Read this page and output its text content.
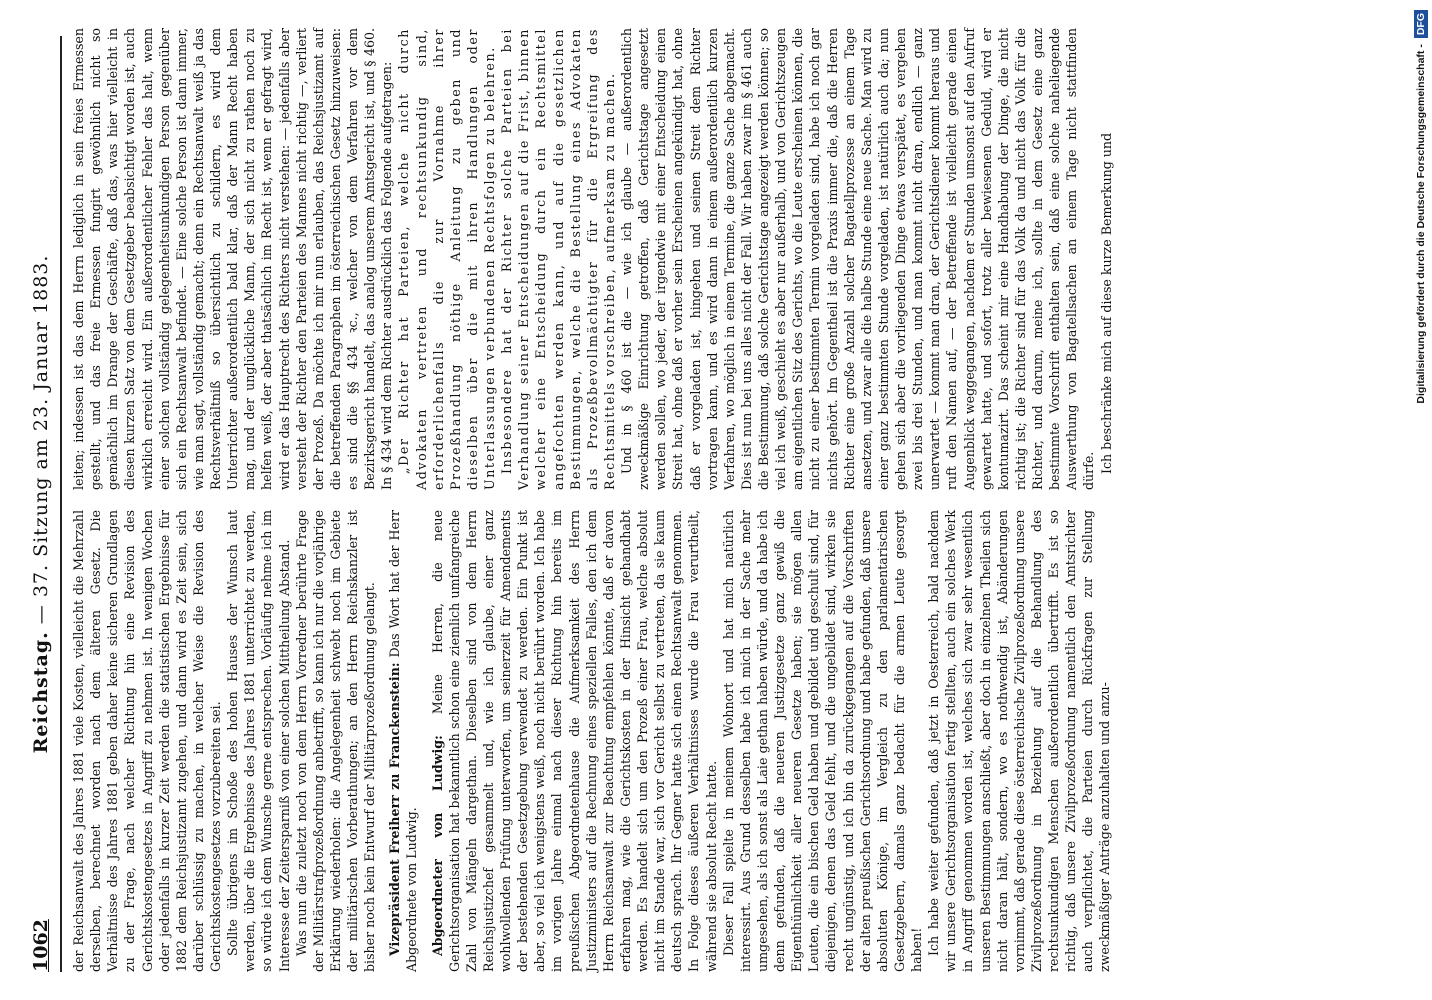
1062
Reichstag. — 37. Sitzung am 23. Januar 1883.

der Reichsanwalt des Jahres 1881 viele Kosten, vielleicht die Mehrzahl derselben, berechnet worden nach dem älteren Gesetz. Die Verhältnisse des Jahres 1881 geben daher keine sicheren Grundlagen zu der Frage, nach welcher Richtung hin eine Revision des Gerichtskostengesetzes in Angriff zu nehmen ist. In wenigen Wochen oder jedenfalls in kurzer Zeit werden die statistischen Ergebnisse für 1882 dem Reichsjustizamt zugehen, und dann wird es Zeit sein, sich darüber schlüssig zu machen, in welcher Weise die Revision des Gerichtskostengesetzes vorzubereiten sei. Sollte übrigens im Schoße des hohen Hauses der Wunsch laut werden, über die Ergebnisse des Jahres 1881 unterrichtet zu werden, so würde ich dem Wunsche gerne entsprechen. Vorläufig nehme ich im Interesse der Zeitersparniß von einer solchen Mittheilung Abstand. Was nun die zuletzt noch von dem Herrn Vorredner berührte Frage der Militärstrafprozeßordnung anbetrifft, so kann ich nur die vorjährige Erklärung wiederholen: die Angelegenheit schwebt noch im Gebiete der militärischen Vorberathungen; an den Herrn Reichskanzler ist bisher noch kein Entwurf der Militärprozeßordnung gelangt. Vizepräsident Freiherr zu Franckenstein: Das Wort hat der Herr Abgeordnete von Ludwig. Abgeordneter von Ludwig: Meine Herren, die neue Gerichtsorganisation hat bekanntlich schon eine ziemlich umfangreiche Zahl von Mängeln dargethan. Dieselben sind von dem Herrn Reichsjustizchef gesammelt und, wie ich glaube, einer ganz wohlwollenden Prüfung unterworfen, um seinerzeit für Amendements der bestehenden Gesetzgebung verwendet zu werden. Ein Punkt ist aber, so viel ich wenigstens weiß, noch nicht berührt worden. Ich habe im vorigen Jahre einmal nach dieser Richtung hin bereits im preußischen Abgeordnetenhause die Aufmerksamkeit des Herrn Justizministers auf die Rechnung eines speziellen Falles, den ich dem Herrn Reichsanwalt zur Beachtung empfehlen könnte, daß er davon erfahren mag, wie die Gerichtskosten in der Hinsicht gehandhabt werden. Es handelt sich um den Prozeß einer Frau, welche absolut nicht im Stande war, sich vor Gericht selbst zu vertreten, da sie kaum deutsch sprach. Ihr Gegner hatte sich einen Rechtsanwalt genommen. In Folge dieses äußeren Verhältnisses wurde die Frau verurtheilt, während sie absolut Recht hatte. Dieser Fall spielte in meinem Wohnort und hat mich natürlich interessirt. Aus Grund desselben habe ich mich in der Sache mehr umgesehen, als ich sonst als Laie gethan haben würde, und da habe ich denn gefunden, daß die neueren Justizgesetze ganz gewiß die Eigenthümlichkeit aller neueren Gesetze haben; sie mögen allen Leuten, die ein bischen Geld haben und gebildet und geschult sind, für diejenigen, denen das Geld fehlt, und die ungebildet sind, wirken sie recht ungünstig, und ich bin da zurückgegangen auf die Vorschriften der alten preußischen Gerichtsordnung und habe gefunden, daß unsere absoluten Könige, im Vergleich zu den parlamentarischen Gesetzgebern, damals ganz bedacht für die armen Leute gesorgt haben! Ich habe weiter gefunden, daß jetzt in Oesterreich, bald nachdem wir unsere Gerichtsorganisation fertig stellten, auch ein solches Werk in Angriff genommen worden ist, welches sich zwar sehr wesentlich unseren Bestimmungen anschließt, aber doch in einzelnen Theilen sich nicht daran hält, sondern, wo es nothwendig ist, Abänderungen vornimmt, daß gerade diese österreichische Zivilprozeßordnung unsere Zivilprozeßordnung in Beziehung auf die Behandlung des rechtsunkundigen Menschen außerordentlich übertrifft. Es ist so richtig, daß unsere Zivilprozeßordnung namentlich den Amtsrichter auch verpflichtet, die Parteien durch Rückfragen zur Stellung zweckmäßiger Anträge anzuhalten und anzu-

leiten; indessen ist das dem Herrn lediglich in sein freies Ermessen gestellt, und das freie Ermessen fungirt gewöhnlich nicht so gemächlich im Drange der Geschäfte, daß das, was hier vielleicht in diesen kurzen Satz von dem Gesetzgeber beabsichtigt worden ist, auch wirklich erreicht wird. Ein außerordentlicher Fehler das halt, wenn einer solchen vollständig gelegenheitsunkundigen Person gegenüber sich ein Rechtsanwalt befindet. — Eine solche Person ist dann immer, wie man sagt, vollständig gemacht; denn ein Rechtsanwalt weiß ja das Rechtsverhältniß so übersichtlich zu schildern, es wird dem Unterrichter außerordentlich bald klar, daß der Mann Recht haben mag, und der unglückliche Mann, der sich nicht zu rathen noch zu helfen weiß, der aber thatsächlich im Recht ist, wenn er gefragt wird, wird er das Hauptrecht des Richters nicht verstehen: — jedenfalls aber versteht der Richter den Parteien des Mannes nicht richtig —, verliert der Prozeß. Da möchte ich mir nun erlauben, das Reichsjustizamt auf die betreffenden Paragraphen im österreichischen Gesetz hinzuweisen: es sind die §§ 434 ꝛc., welcher von dem Verfahren vor dem Bezirksgericht handelt, das analog unserem Amtsgericht ist, und § 460. In § 434 wird dem Richter ausdrücklich das Folgende aufgetragen: „Der Richter hat Parteien, welche nicht durch Advokaten vertreten und rechtsunkundig sind, erforderlichenfalls die zur Vornahme ihrer Prozeßhandlung nöthige Anleitung zu geben und dieselben über die mit ihren Handlungen oder Unterlassungen verbundenen Rechtsfolgen zu belehren. Insbesondere hat der Richter solche Parteien bei Verhandlung seiner Entscheidungen auf die Frist, binnen welcher eine Entscheidung durch ein Rechtsmittel angefochten werden kann, und auf die gesetzlichen Bestimmungen, welche die Bestellung eines Advokaten als Prozeßbevollmächtigter für die Ergreifung des Rechtsmittels vorschreiben, aufmerksam zu machen. Und in § 460 ist die — wie ich glaube — außerordentlich zweckmäßige Einrichtung getroffen, daß Gerichtstage angesetzt werden sollen, wo jeder, der irgendwie mit einer Entscheidung einen Streit hat, ohne daß er vorher sein Erscheinen angekündigt hat, ohne daß er vorgeladen ist, hingehen und seinen Streit dem Richter vortragen kann, und es wird dann in einem außerordentlich kurzen Verfahren, wo möglich in einem Termine, die ganze Sache abgemacht. Dies ist nun bei uns alles nicht der Fall. Wir haben zwar im § 461 auch die Bestimmung, daß solche Gerichtstage angezeigt werden können; so viel ich weiß, geschieht es aber nur außerhalb, und von Gerichtszeugen am eigentlichen Sitz des Gerichts, wo die Leute erscheinen können, die nicht zu einer bestimmten Termin vorgeladen sind, habe ich noch gar nichts gehört. Im Gegentheil ist die Praxis immer die, daß die Herren Richter eine große Anzahl solcher Bagatellprozesse an einem Tage ansetzen, und zwar alle die halbe Stunde eine neue Sache. Man wird zu einer ganz bestimmten Stunde vorgeladen, ist natürlich auch da; nun gehen sich aber die vorliegenden Dinge etwas verspätet, es vergehen zwei bis drei Stunden, und man kommt nicht dran, endlich — ganz unerwartet — kommt man dran, der Gerichtsdiener kommt heraus und ruft den Namen auf, — der Betreffende ist vielleicht gerade einen Augenblick weggegangen, nachdem er Stunden umsonst auf den Aufruf gewartet hatte, und sofort, trotz aller bewiesenen Geduld, wird er kontumazirt. Das scheint mir eine Handhabung der Dinge, die nicht richtig ist; die Richter sind für das Volk da und nicht das Volk für die Richter, und darum, meine ich, sollte in dem Gesetz eine ganz bestimmte Vorschrift enthalten sein, daß eine solche naheliegende Auswerthung von Bagatellsachen an einem Tage nicht stattfinden dürfe. Ich beschränke mich auf diese kurze Bemerkung und	Digitalisierung gefördert durch die Deutsche Forschungsgemeinschaft -DFG
